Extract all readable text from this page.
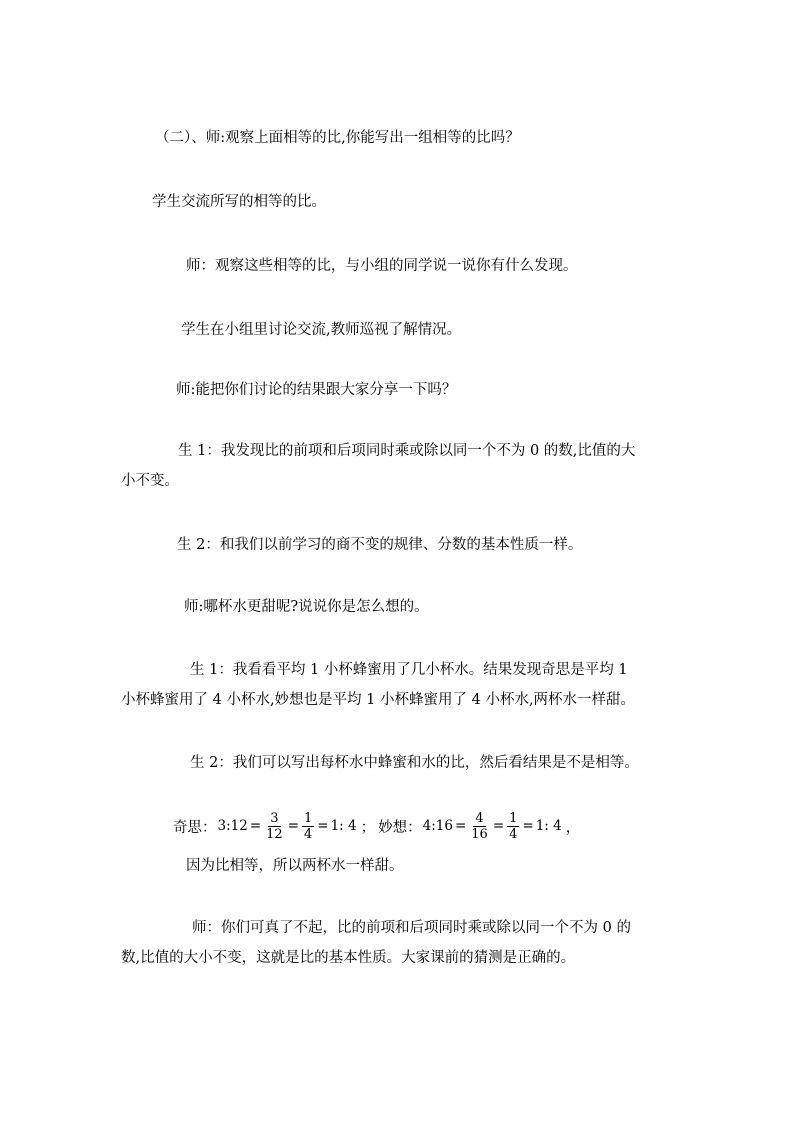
（二）、师:观察上面相等的比,你能写出一组相等的比吗？
学生交流所写的相等的比。
师：观察这些相等的比，与小组的同学说一说你有什么发现。
学生在小组里讨论交流,教师巡视了解情况。
师:能把你们讨论的结果跟大家分享一下吗？
生 1：我发现比的前项和后项同时乘或除以同一个不为 0 的数,比值的大
小不变。
生 2：和我们以前学习的商不变的规律、分数的基本性质一样。
师:哪杯水更甜呢?说说你是怎么想的。
生 1：我看看平均 1 小杯蜂蜜用了几小杯水。结果发现奇思是平均 1
小杯蜂蜜用了 4 小杯水,妙想也是平均 1 小杯蜂蜜用了 4 小杯水,两杯水一样甜。
生 2：我们可以写出每杯水中蜂蜜和水的比，然后看结果是不是相等。
奇思： 3:12 = $\frac{3}{12} = \frac{1}{4} = 1$: 4 ； 妙想： 4:16 = $\frac{4}{16} = \frac{1}{4} = 1$: 4 ，
因为比相等，所以两杯水一样甜。
师：你们可真了不起，比的前项和后项同时乘或除以同一个不为 0 的
数,比值的大小不变，这就是比的基本性质。大家课前的猜测是正确的。
